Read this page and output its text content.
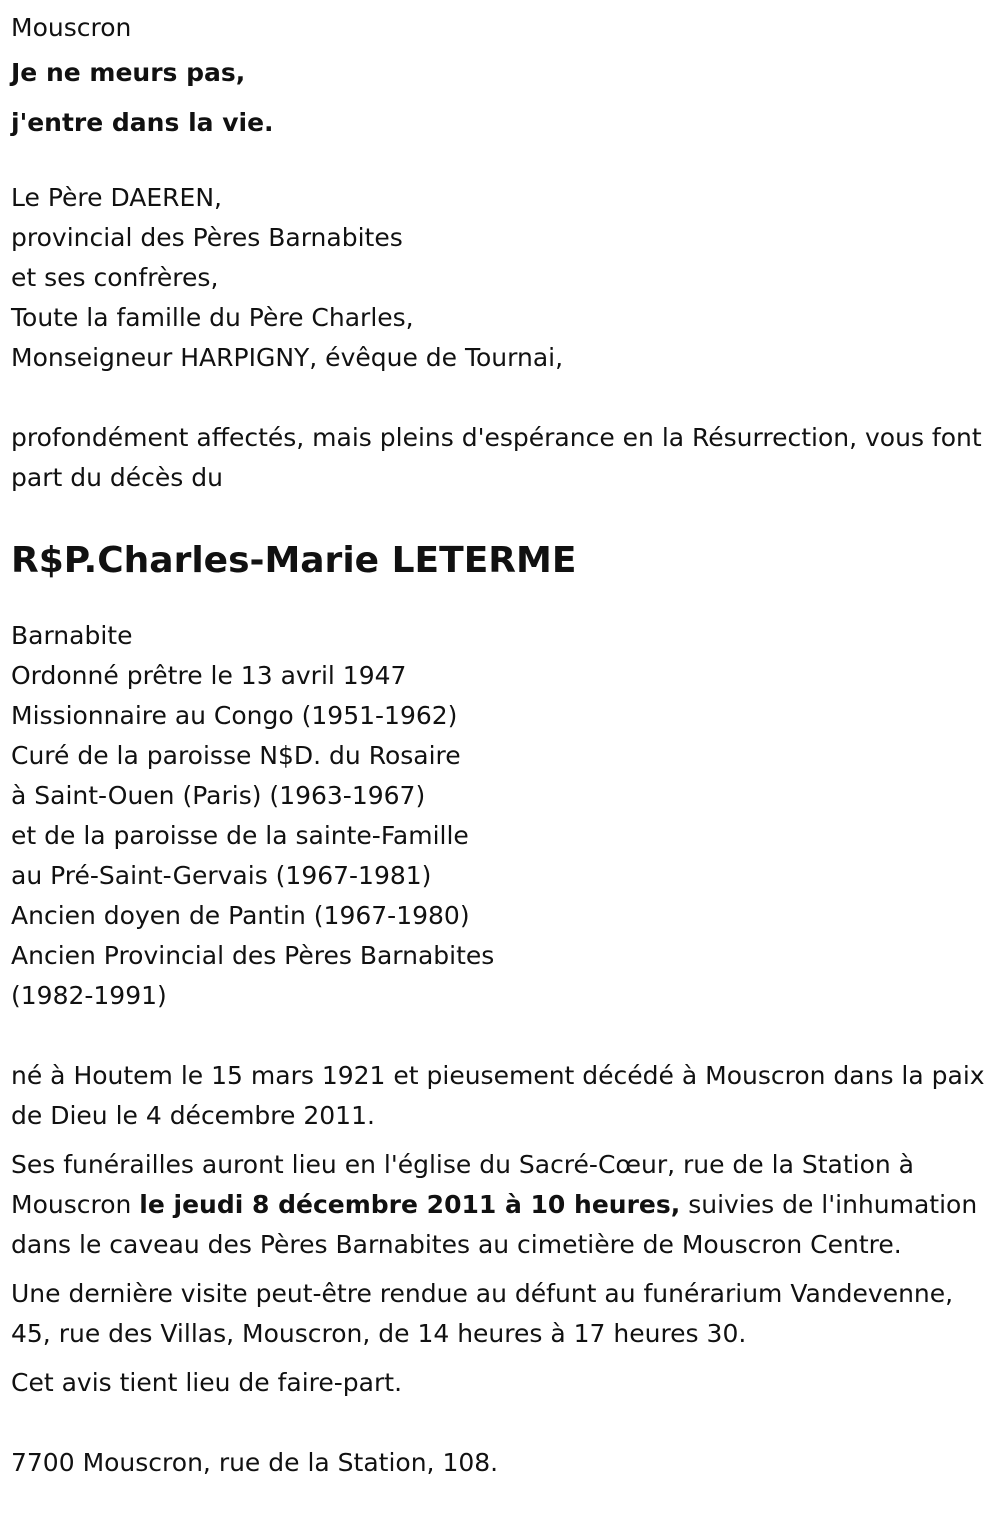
Mouscron
Je ne meurs pas,
j'entre dans la vie.
Le Père DAEREN,
provincial des Pères Barnabites
et ses confrères,
Toute la famille du Père Charles,
Monseigneur HARPIGNY, évêque de Tournai,

profondément affectés, mais pleins d'espérance en la Résurrection, vous font part du décès du

R$P.Charles-Marie LETERME
Barnabite
Ordonné prêtre le 13 avril 1947
Missionnaire au Congo (1951-1962)
Curé de la paroisse N$D. du Rosaire
à Saint-Ouen (Paris) (1963-1967)
et de la paroisse de la sainte-Famille
au Pré-Saint-Gervais (1967-1981)
Ancien doyen de Pantin (1967-1980)
Ancien Provincial des Pères Barnabites
(1982-1991)

né à Houtem le 15 mars 1921 et pieusement décédé à Mouscron dans la paix de Dieu le 4 décembre 2011.

Ses funérailles auront lieu en l'église du Sacré-Cœur, rue de la Station à Mouscron le jeudi 8 décembre 2011 à 10 heures, suivies de l'inhumation dans le caveau des Pères Barnabites au cimetière de Mouscron Centre.

Une dernière visite peut-être rendue au défunt au funérarium Vandevenne, 45, rue des Villas, Mouscron, de 14 heures à 17 heures 30.

Cet avis tient lieu de faire-part.

7700 Mouscron, rue de la Station, 108.
